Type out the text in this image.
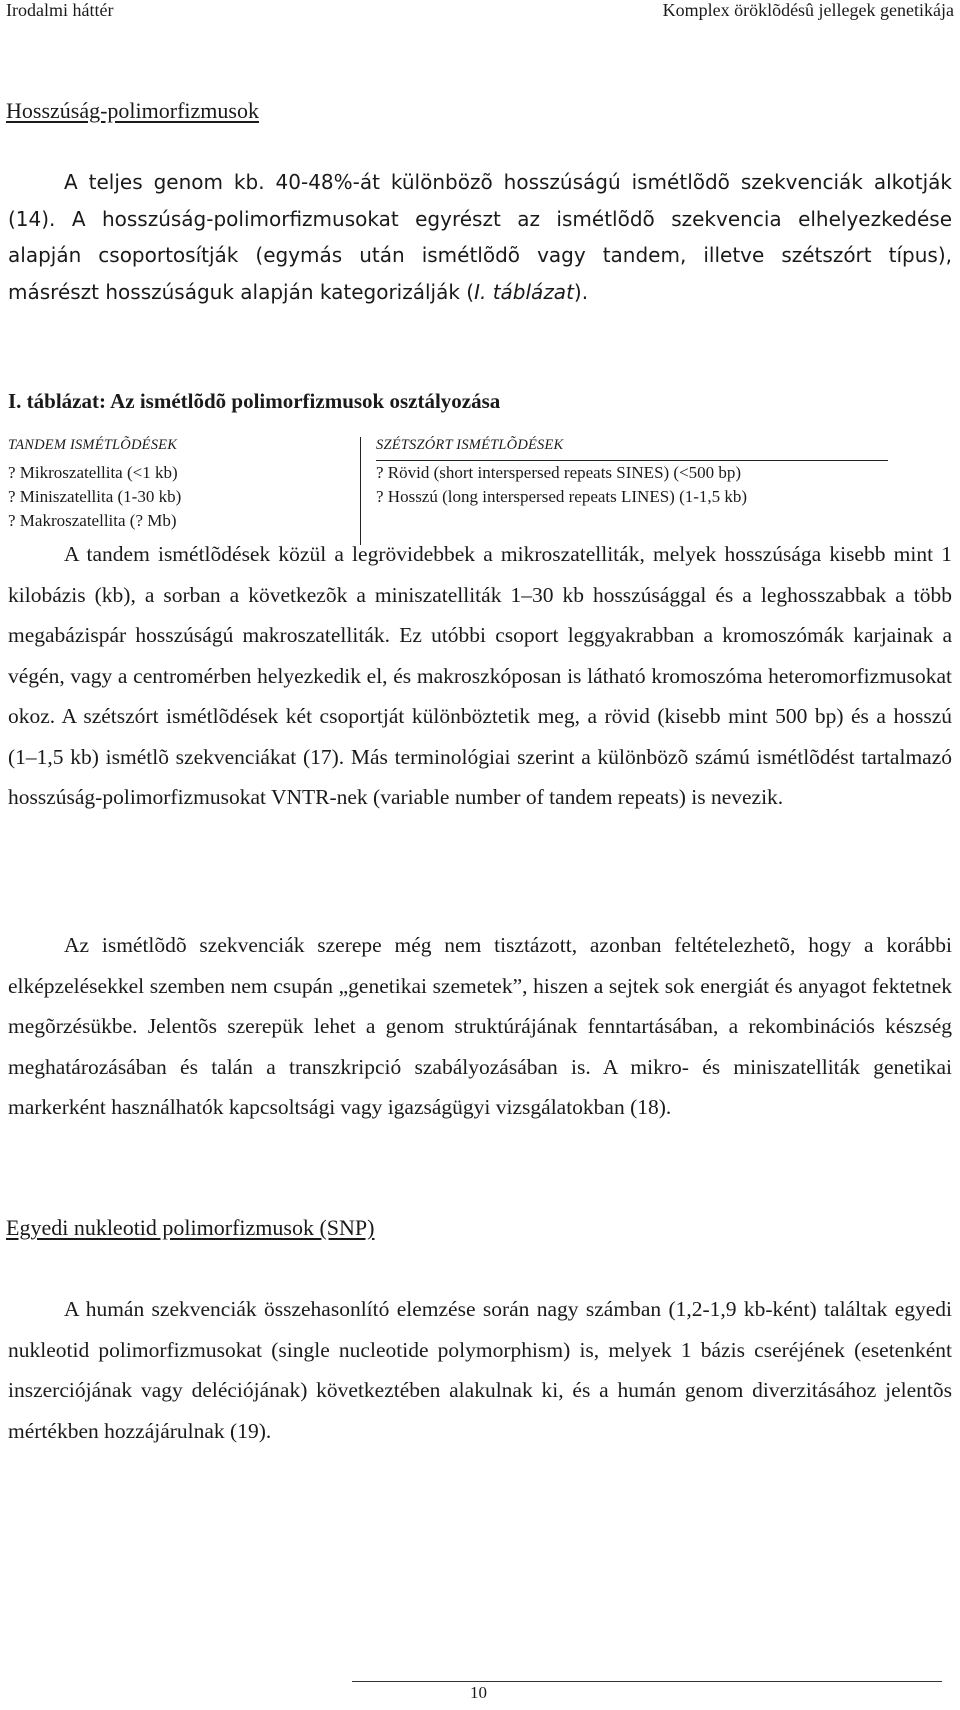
Irodalmi háttér	Komplex öröklõdésû jellegek genetikája
Hosszúság-polimorfizmusok

A teljes genom kb. 40-48%-át különbözõ hosszúságú ismétlõdõ szekvenciák alkotják (14). A hosszúság-polimorfizmusokat egyrészt az ismétlõdõ szekvencia elhelyezkedése alapján csoportosítják (egymás után ismétlõdõ vagy tandem, illetve szétszórt típus), másrészt hosszúságuk alapján kategorizálják (I. táblázat).

I. táblázat: Az ismétlõdõ polimorfizmusok osztályozása
TANDEM ISMÉTLÕDÉSEK
? Mikroszatellita (<1 kb)
? Miniszatellita (1-30 kb)
? Makroszatellita (? Mb)
SZÉTSZÓRT ISMÉTLÕDÉSEK
? Rövid (short interspersed repeats SINES) (<500 bp)
? Hosszú (long interspersed repeats LINES) (1-1,5 kb)

A tandem ismétlõdések közül a legrövidebbek a mikroszatelliták, melyek hosszúsága kisebb mint 1 kilobázis (kb), a sorban a következõk a miniszatelliták 1–30 kb hosszúsággal és a leghosszabbak a több megabázispár hosszúságú makroszatelliták. Ez utóbbi csoport leggyakrabban a kromoszómák karjainak a végén, vagy a centromérben helyezkedik el, és makroszkóposan is látható kromoszóma heteromorfizmusokat okoz. A szétszórt ismétlõdések két csoportját különböztetik meg, a rövid (kisebb mint 500 bp) és a hosszú (1–1,5 kb) ismétlõ szekvenciákat (17). Más terminológiai szerint a különbözõ számú ismétlõdést tartalmazó hosszúság-polimorfizmusokat VNTR-nek (variable number of tandem repeats) is nevezik.

Az ismétlõdõ szekvenciák szerepe még nem tisztázott, azonban feltételezhetõ, hogy a korábbi elképzelésekkel szemben nem csupán „genetikai szemetek”, hiszen a sejtek sok energiát és anyagot fektetnek megõrzésükbe. Jelentõs szerepük lehet a genom struktúrájának fenntartásában, a rekombinációs készség meghatározásában és talán a transzkripció szabályozásában is. A mikro- és miniszatelliták genetikai markerként használhatók kapcsoltsági vagy igazságügyi vizsgálatokban (18).

Egyedi nukleotid polimorfizmusok (SNP)

A humán szekvenciák összehasonlító elemzése során nagy számban (1,2-1,9 kb-ként) találtak egyedi nukleotid polimorfizmusokat (single nucleotide polymorphism) is, melyek 1 bázis cseréjének (esetenként inszerciójának vagy deléciójának) következtében alakulnak ki, és a humán genom diverzitásához jelentõs mértékben hozzájárulnak (19).

10
